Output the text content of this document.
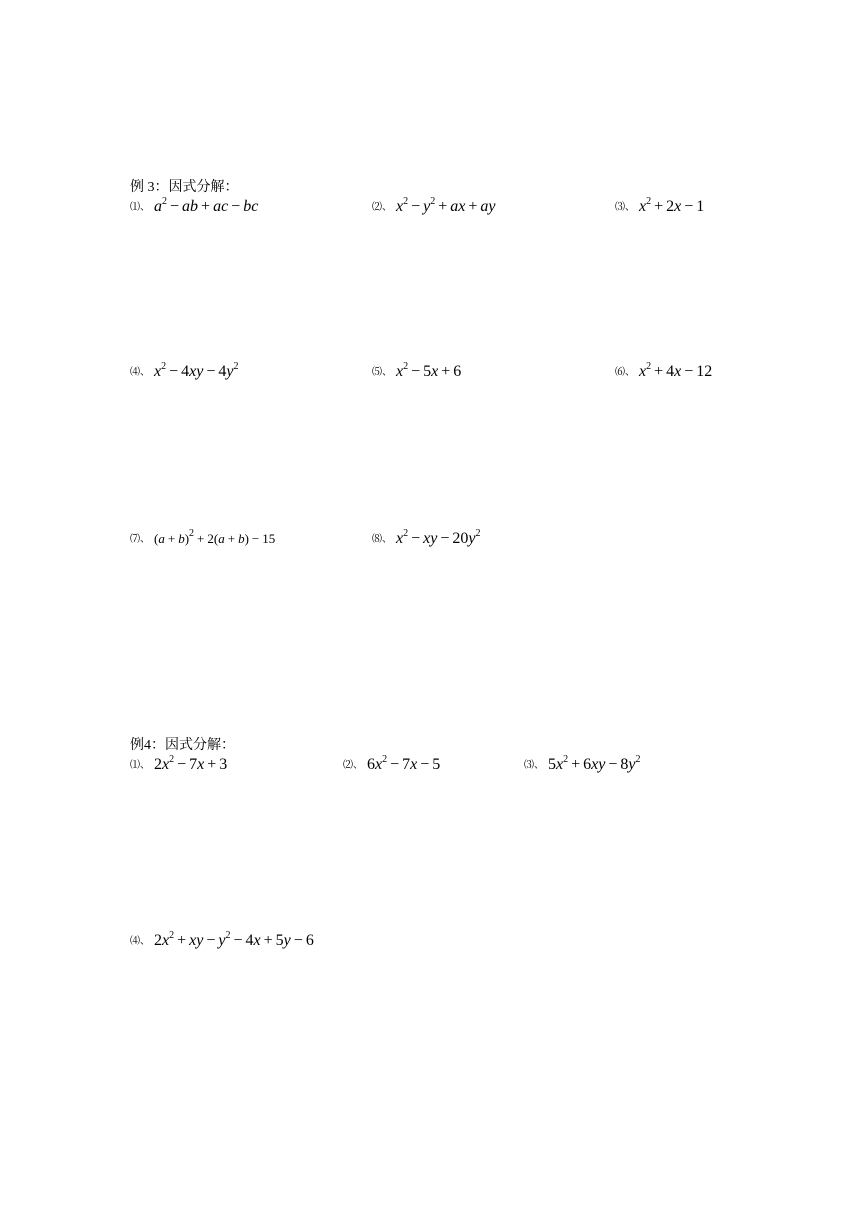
例 3：因式分解：
⑴、 $a^2$ − ab + ac − bc	⑵、 $x^2 - y^2$ + ax + ay	⑶、 $x^2 + 2x - 1$
⑷、 $x^2 - 4xy - 4y^2$
⑸、 $x^2 - 5x + 6$	⑹、 $x^2 + 4x - 12$
⑺、 $(a + b)^2 + 2(a + b) - 15$	⑻、 $x^2$ − xy − $20y^2$
例4：因式分解：
⑴、 $2x^2 - 7x + 3$	⑵、 $6x^2 - 7x - 5$	⑶、 $5x^2 + 6xy - 8y^2$
⑷、 $2x^2$ + xy − $y^2 - 4x + 5y - 6$
